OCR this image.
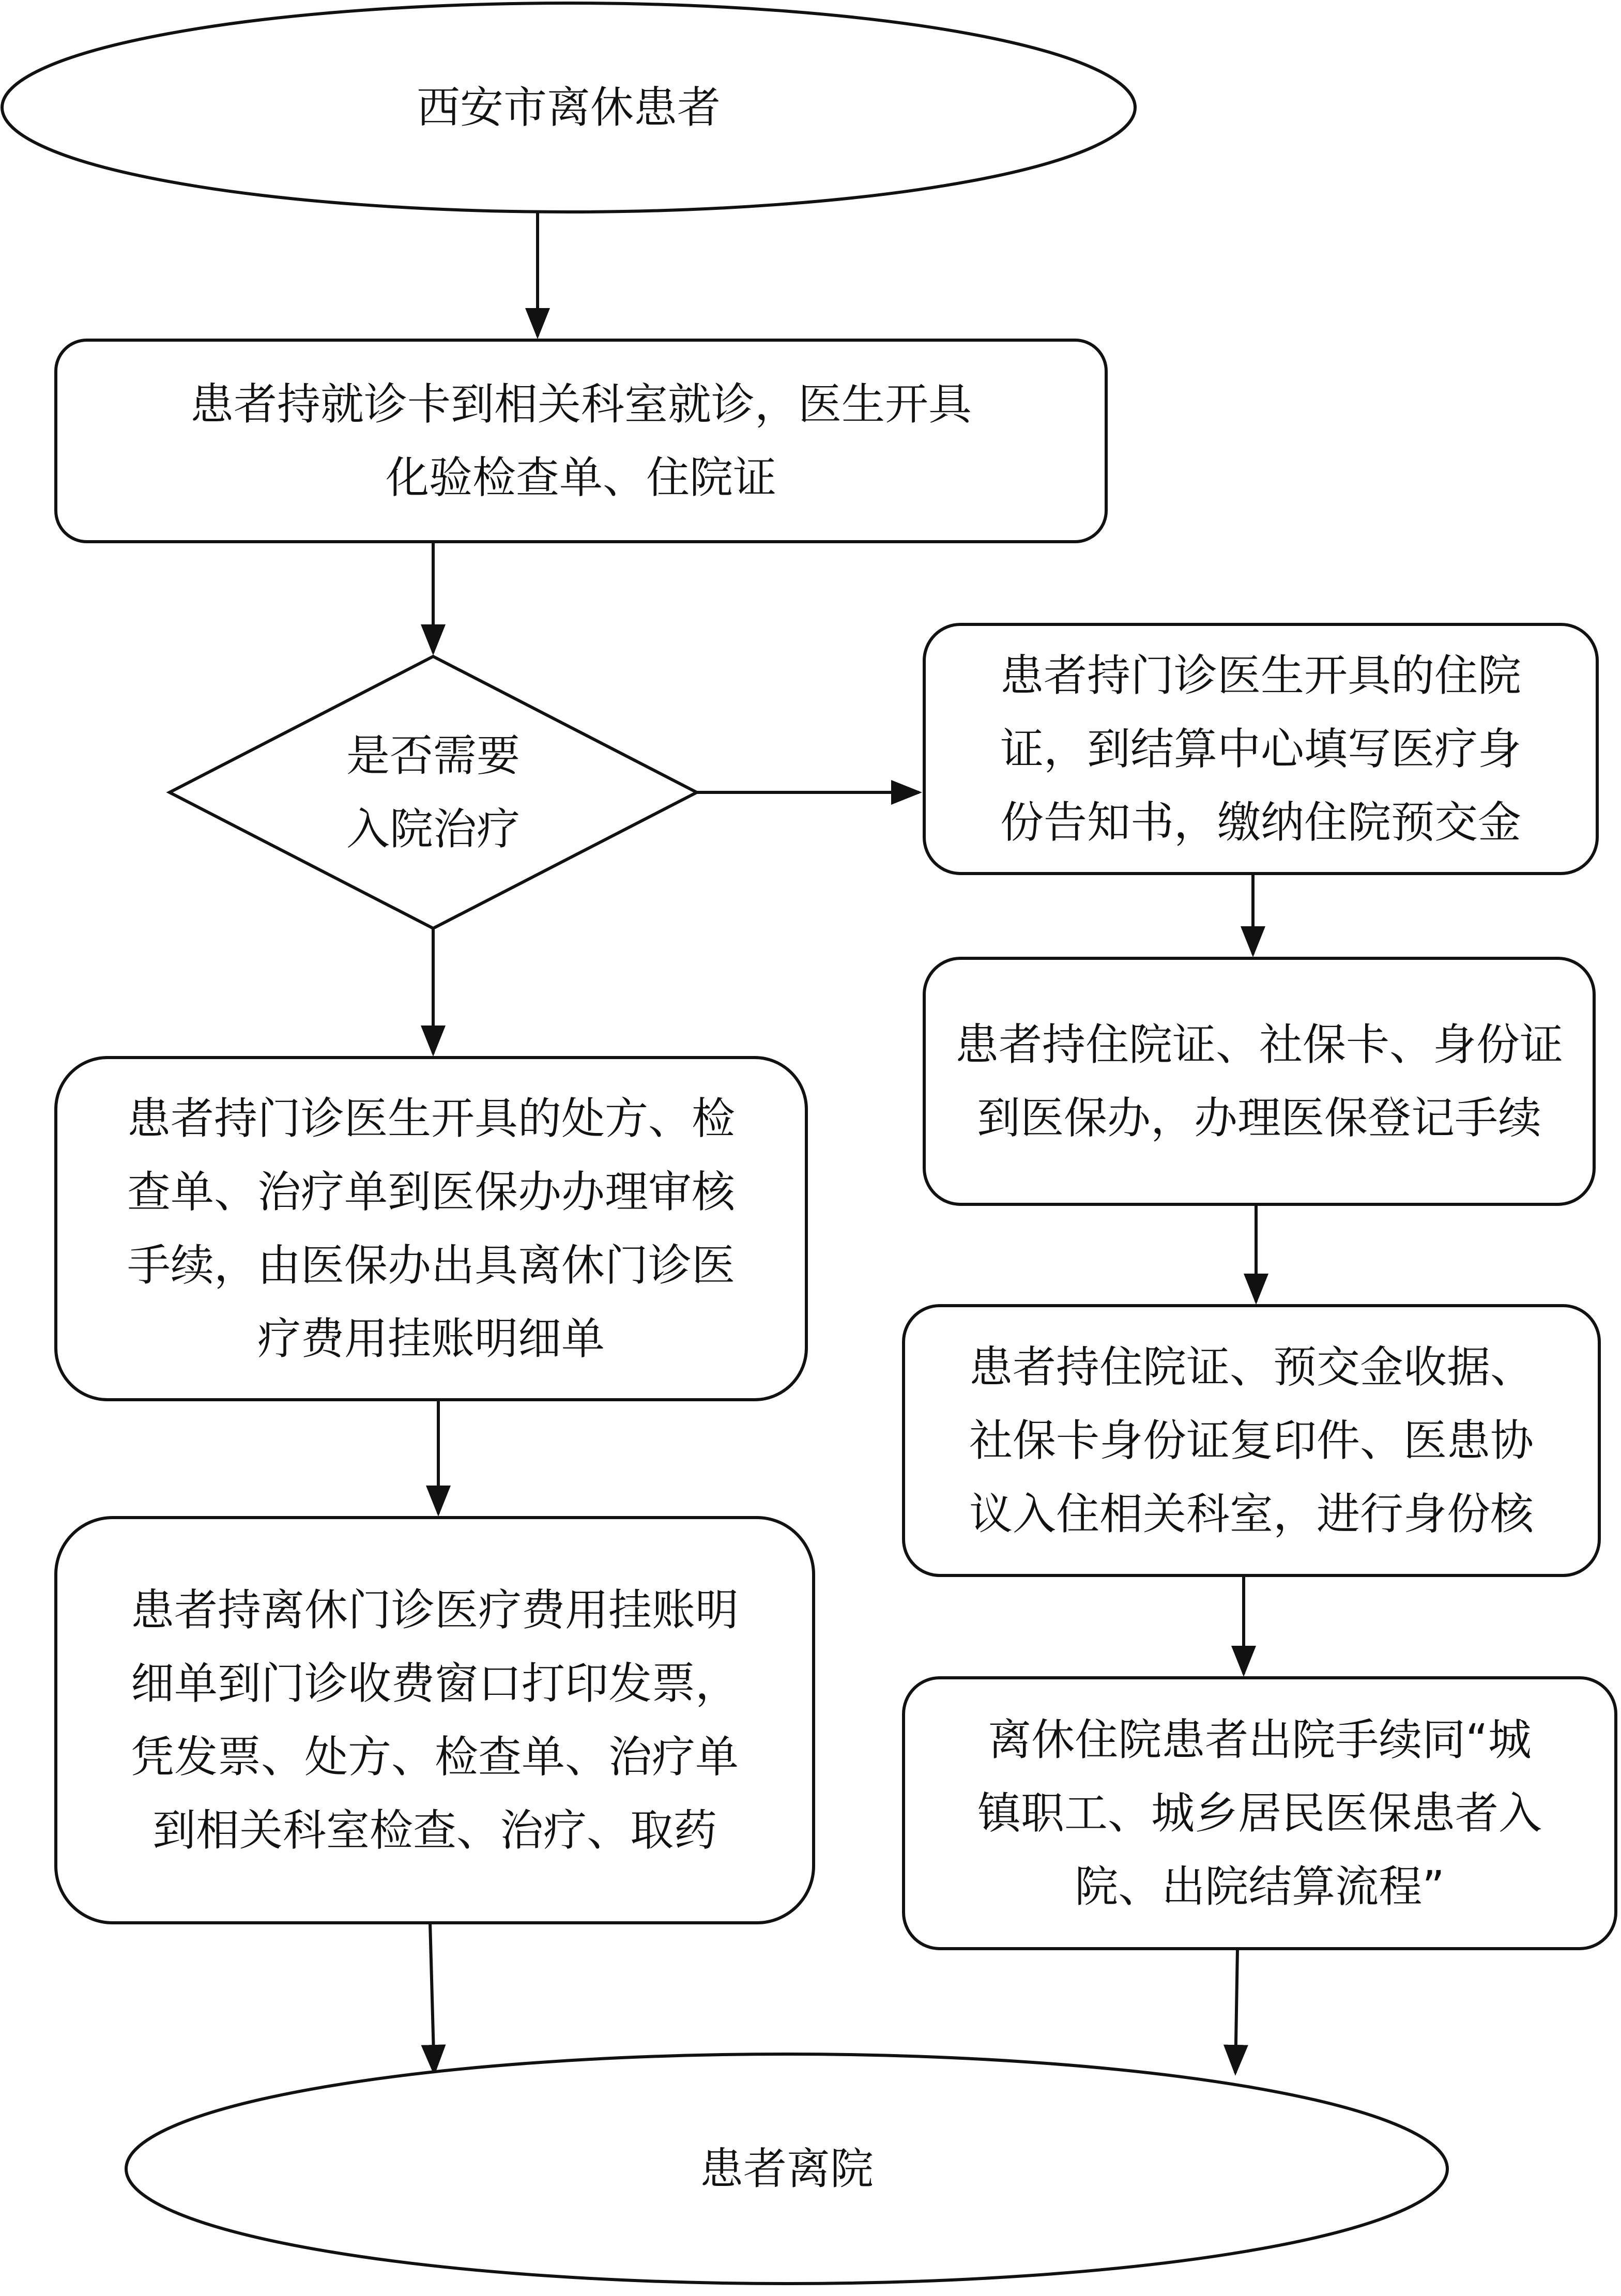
西安市离休患者
患者持就诊卡到相关科室就诊，医生开具
化验检查单、住院证
是否需要
入院治疗
患者持门诊医生开具的处方、检
查单、治疗单到医保办办理审核
手续，由医保办出具离休门诊医
疗费用挂账明细单
患者持离休门诊医疗费用挂账明
细单到门诊收费窗口打印发票，
凭发票、处方、检查单、治疗单
到相关科室检查、治疗、取药
患者持门诊医生开具的住院
证，到结算中心填写医疗身
份告知书，缴纳住院预交金
患者持住院证、社保卡、身份证
到医保办，办理医保登记手续
患者持住院证、预交金收据、
社保卡身份证复印件、医患协
议入住相关科室，进行身份核
离休住院患者出院手续同“城
镇职工、城乡居民医保患者入
院、出院结算流程”
患者离院
